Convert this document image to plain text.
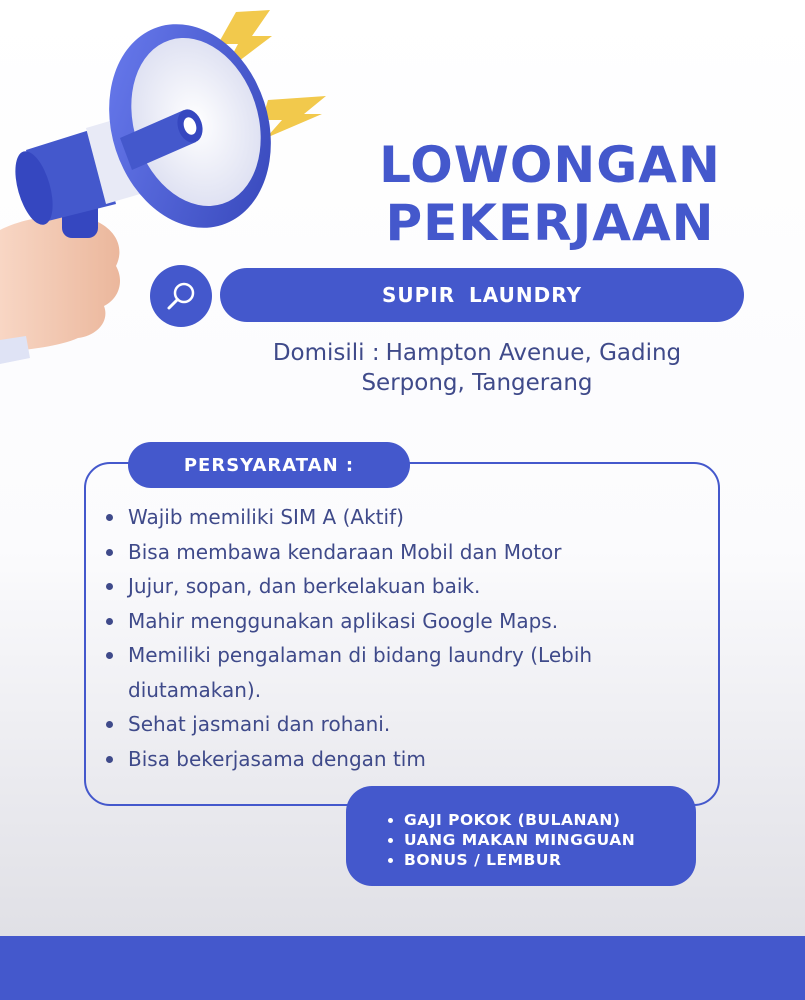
LOWONGAN
PEKERJAAN
SUPIR LAUNDRY
Domisili : Hampton Avenue, Gading
Serpong, Tangerang
PERSYARATAN :
Wajib memiliki SIM A (Aktif)
Bisa membawa kendaraan Mobil dan Motor
Jujur, sopan, dan berkelakuan baik.
Mahir menggunakan aplikasi Google Maps.
Memiliki pengalaman di bidang laundry (Lebih diutamakan).
Sehat jasmani dan rohani.
Bisa bekerjasama dengan tim
GAJI POKOK (BULANAN)
UANG MAKAN MINGGUAN
BONUS / LEMBUR
